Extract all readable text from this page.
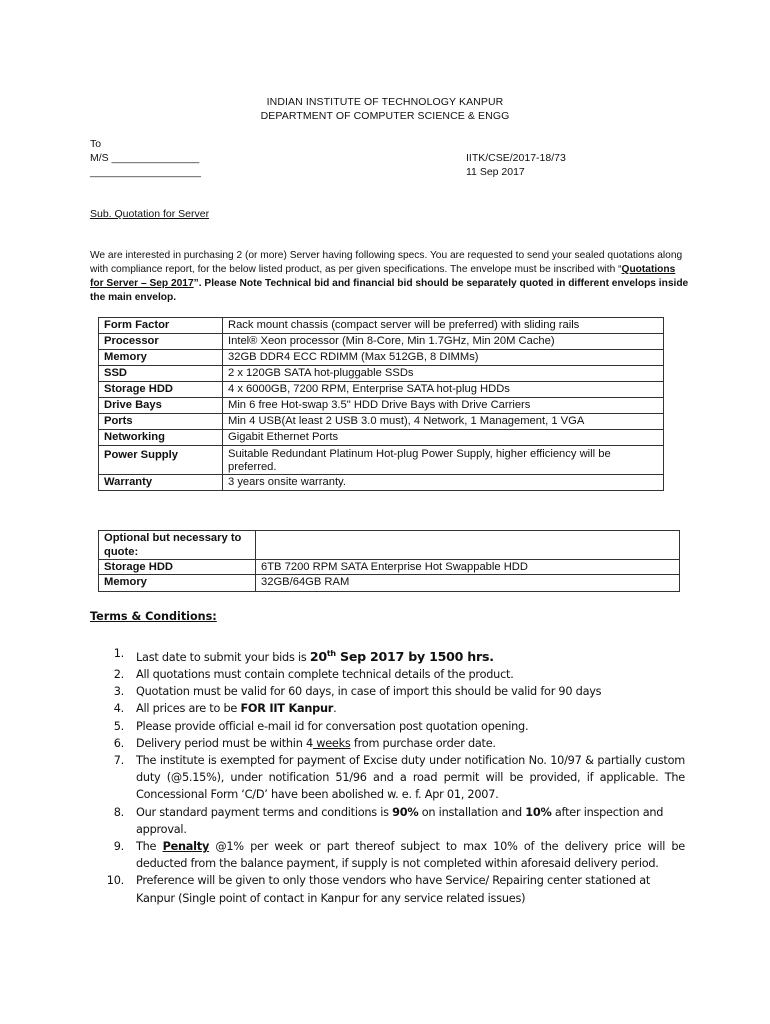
INDIAN INSTITUTE OF TECHNOLOGY KANPUR
DEPARTMENT OF COMPUTER SCIENCE & ENGG
To
M/S _______________
___________________
IITK/CSE/2017-18/73
11 Sep 2017
Sub. Quotation for Server
We are interested in purchasing 2 (or more) Server having following specs. You are requested to send your sealed quotations along with compliance report, for the below listed product, as per given specifications. The envelope must be inscribed with “Quotations for Server – Sep 2017”. Please Note Technical bid and financial bid should be separately quoted in different envelops inside the main envelop.
Form Factor	Rack mount chassis (compact server will be preferred) with sliding rails
Processor	Intel® Xeon processor (Min 8-Core, Min 1.7GHz, Min 20M Cache)
Memory	32GB DDR4 ECC RDIMM (Max 512GB, 8 DIMMs)
SSD	2 x 120GB SATA hot-pluggable SSDs
Storage HDD	4 x 6000GB, 7200 RPM, Enterprise SATA hot-plug HDDs
Drive Bays	Min 6 free Hot-swap 3.5" HDD Drive Bays with Drive Carriers
Ports	Min 4 USB(At least 2 USB 3.0 must), 4 Network, 1 Management, 1 VGA
Networking	Gigabit Ethernet Ports
Power Supply	Suitable Redundant Platinum Hot-plug Power Supply, higher efficiency will be preferred.
Warranty	3 years onsite warranty.
Optional but necessary to quote:	
Storage HDD	6TB 7200 RPM SATA Enterprise Hot Swappable HDD
Memory	32GB/64GB RAM
Terms & Conditions:
1. Last date to submit your bids is 20th Sep 2017 by 1500 hrs.
2. All quotations must contain complete technical details of the product.
3. Quotation must be valid for 60 days, in case of import this should be valid for 90 days
4. All prices are to be FOR IIT Kanpur.
5. Please provide official e-mail id for conversation post quotation opening.
6. Delivery period must be within 4 weeks from purchase order date.
7. The institute is exempted for payment of Excise duty under notification No. 10/97 & partially custom duty (@5.15%), under notification 51/96 and a road permit will be provided, if applicable. The Concessional Form ‘C/D’ have been abolished w. e. f. Apr 01, 2007.
8. Our standard payment terms and conditions is 90% on installation and 10% after inspection and approval.
9. The Penalty @1% per week or part thereof subject to max 10% of the delivery price will be deducted from the balance payment, if supply is not completed within aforesaid delivery period.
10. Preference will be given to only those vendors who have Service/ Repairing center stationed at Kanpur (Single point of contact in Kanpur for any service related issues)
